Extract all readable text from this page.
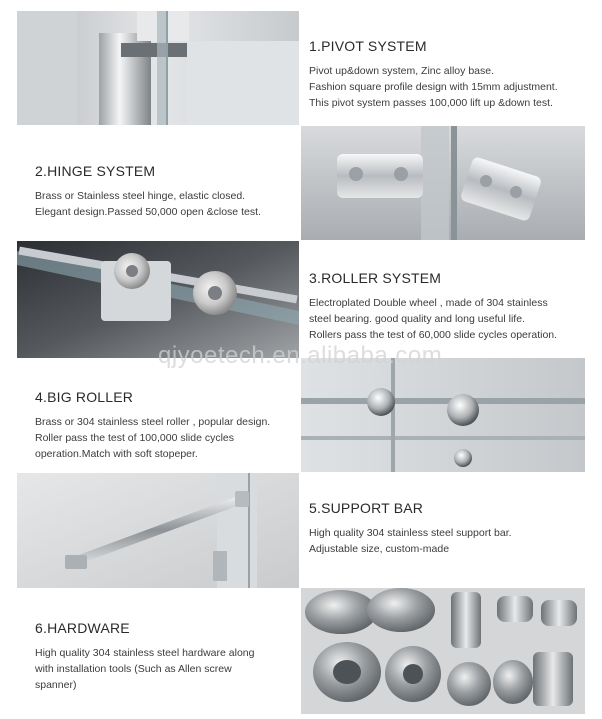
1.PIVOT SYSTEM

Pivot up&down system, Zinc alloy base.

Fashion square profile design with 15mm adjustment.

This pivot system passes 100,000 lift up &down test.

2.HINGE SYSTEM

Brass or Stainless steel hinge, elastic closed.

Elegant design.Passed 50,000 open &close test.

3.ROLLER SYSTEM

Electroplated Double wheel , made of 304 stainless

steel bearing. good quality and long useful life.

Rollers pass the test of 60,000 slide cycles operation.

4.BIG ROLLER

Brass or 304 stainless steel roller , popular design.

Roller pass the test of 100,000 slide cycles

operation.Match with soft stopeper.

5.SUPPORT BAR

High quality 304 stainless steel support bar.

Adjustable size, custom-made

6.HARDWARE

High quality 304 stainless steel hardware along

with installation tools (Such as Allen screw

spanner)

qjyoetech.en.alibaba.com
